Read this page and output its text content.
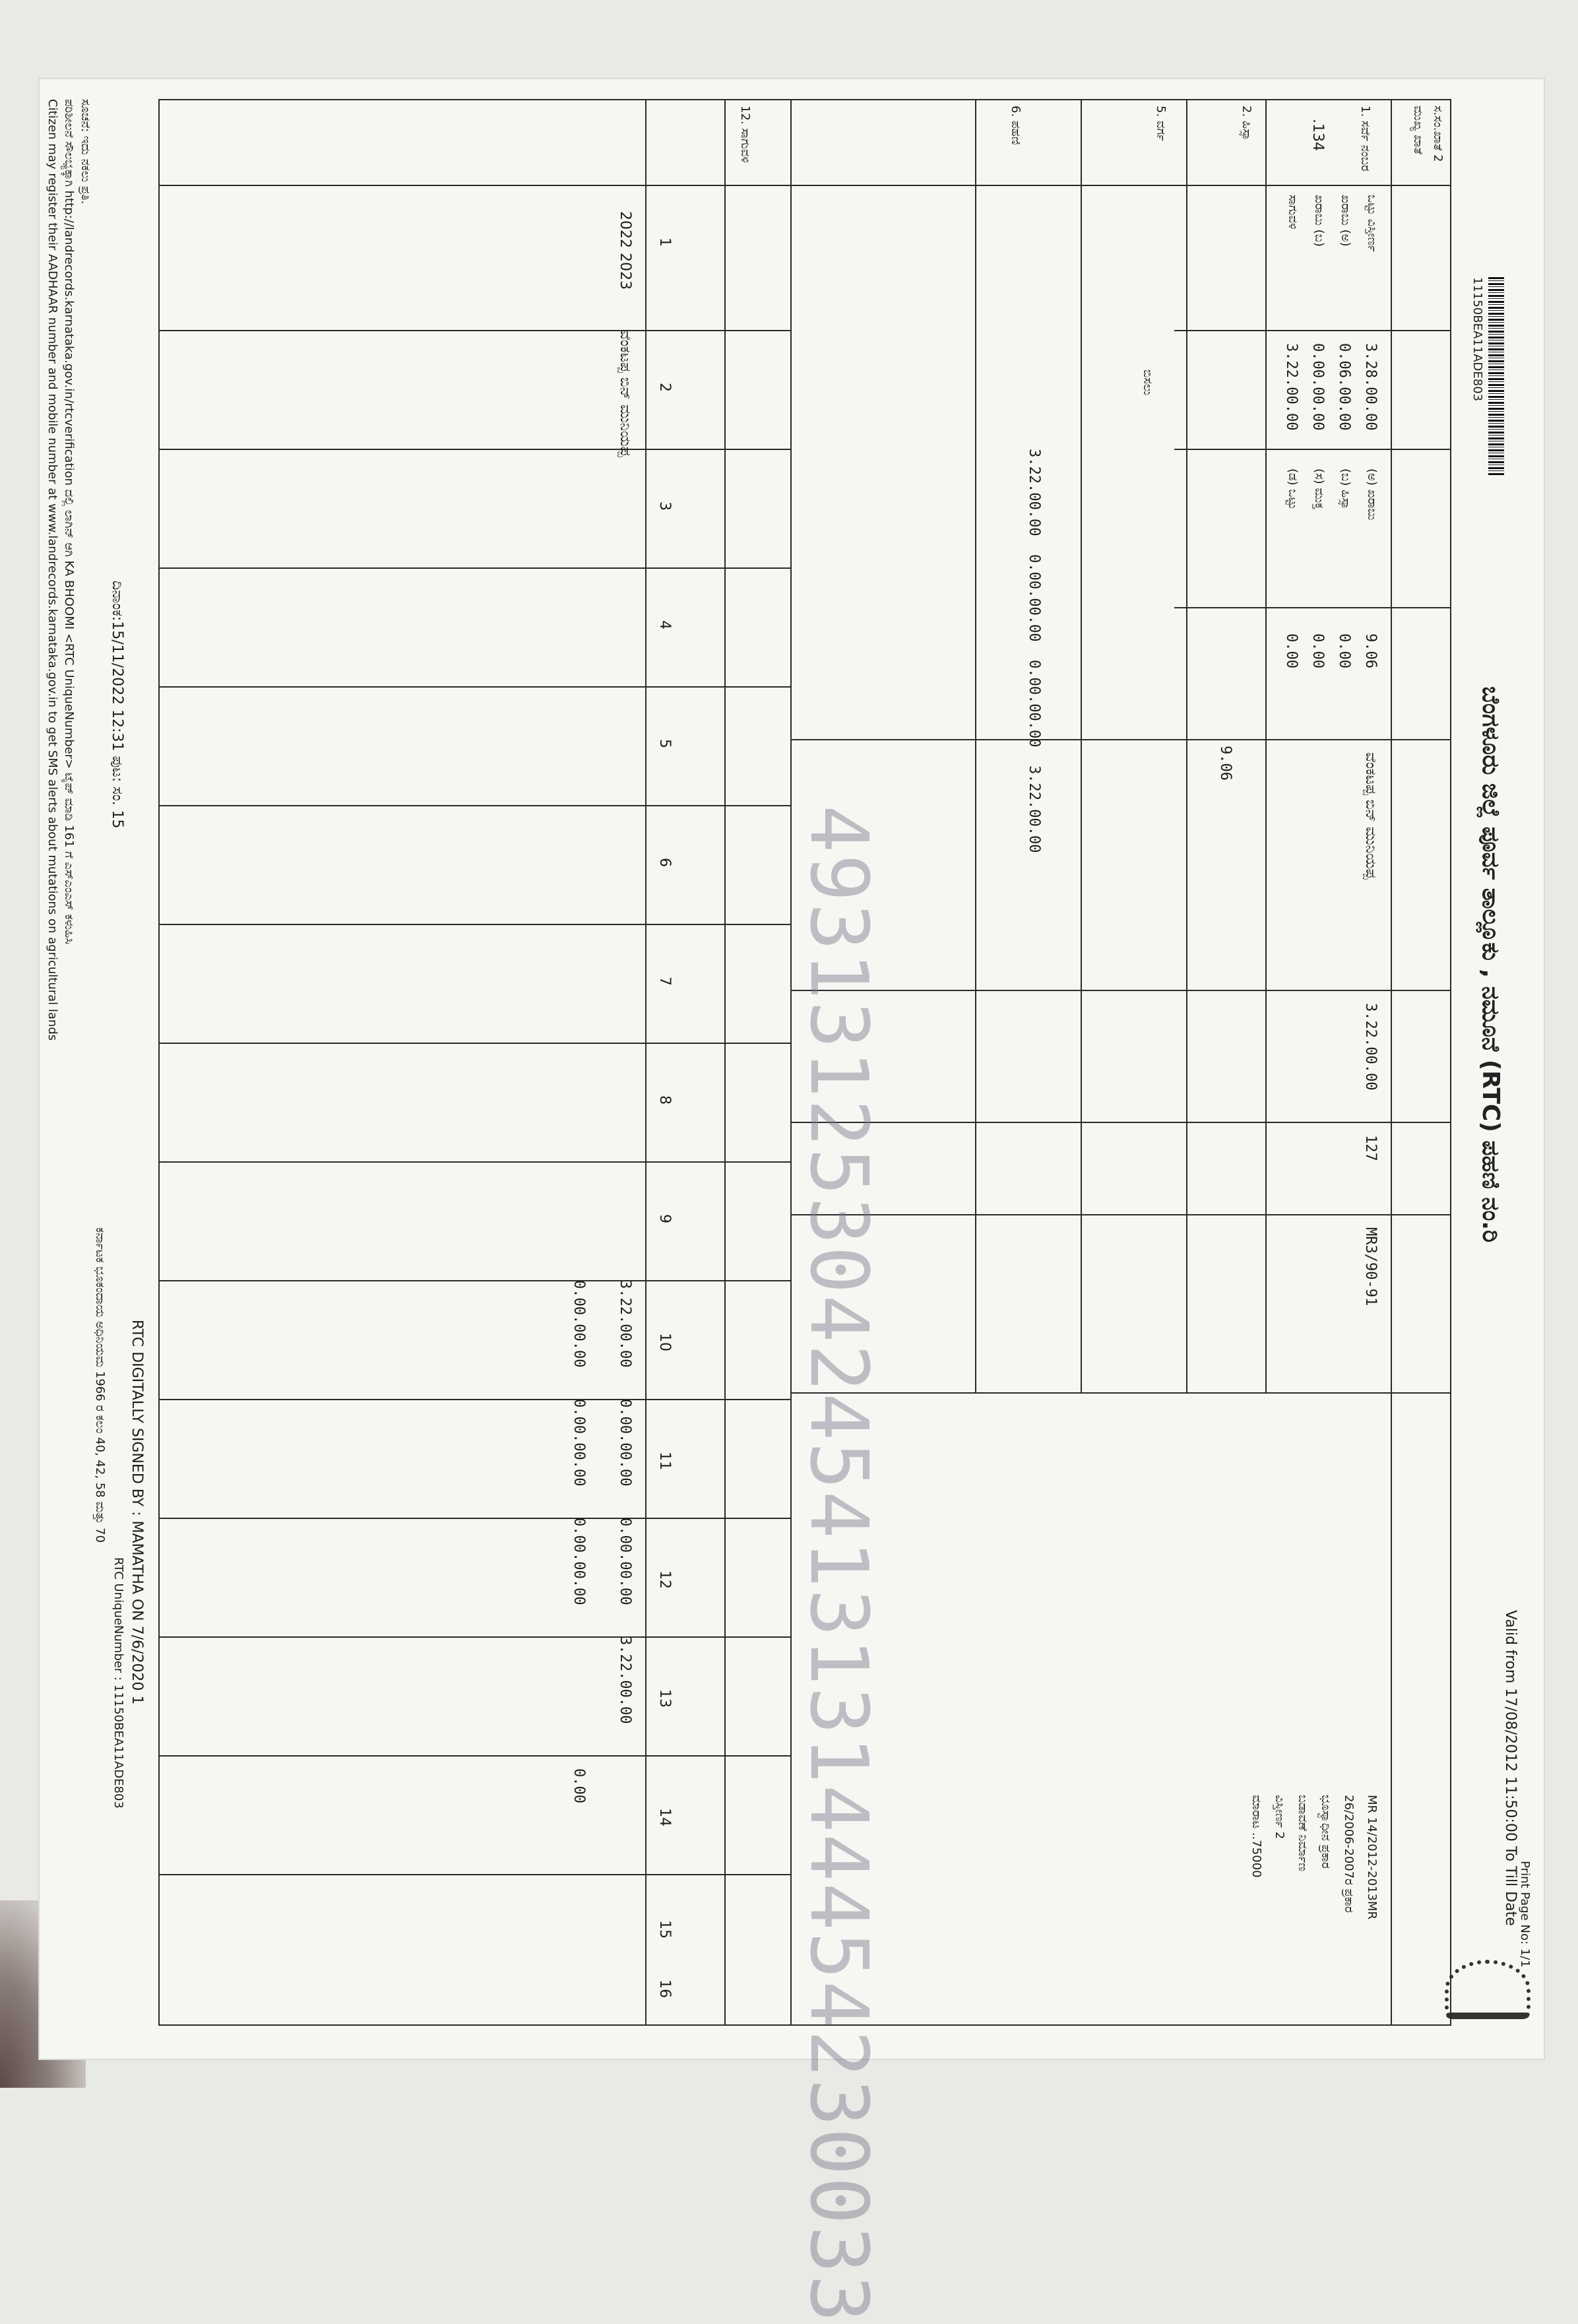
Print Page No: 1/1
Valid from 17/08/2012 11:50:00 To Till Date
ಬೆಂಗಳೂರು ಜಿಲ್ಲೆ ಪೂರ್ವ ತಾಲ್ಲೂಕು , ನಮೂನೆ (RTC) ಪಹಣಿ ನಂ.ರಿ
11150BEA11ADE803
ಸ.ಸಂ.ಖಾತೆ 2
ಮುಖ್ಯ ಖಾತೆ
1. ಸರ್ವೆ ನಂಬರ
.134
2. ಹಿಸ್ಸಾ
5. ವರ್ಗ
6. ಪಹಣಿ
12. ಸಾಗುವಳಿ
ಒಟ್ಟು ವಿಸ್ತೀರ್ಣ
3.28.00.00
(ಅ) ಖರಾಬು
9.06
ಖರಾಬು (ಅ)
0.06.00.00
(ಬ) ಹಿಸ್ಸಾ
0.00
ಖರಾಬು (ಬ)
0.00.00.00
(ಸ) ಮುಕ್ತ
0.00
ಸಾಗುವಳಿ
3.22.00.00
(ಡ) ಒಟ್ಟು
0.00
9.06
ಬಿಸಲು
3.22.00.00
0.00.00.00
0.00.00.00
3.22.00.00	ವೆಂಕಟಪ್ಪ ಬಿನ್ ಮುನಿಯಪ್ಪ
3.22.00.00
127
MR3/90-91
MR 14/2012-2013MR
26/2006-2007ರ ಪ್ರಕಾರ
ಭೂಸ್ವಾಧೀನ ಪ್ರಕಾರ
ಬಡಾವಣೆ ನಿರ್ಮಾಣ
ವಿಸ್ತೀರ್ಣ 2
ಮಾರಾಟ ..75000
1
2
3
4
5
6
7
8
9
10
11
12
13
14
15
16
2022 2023
ವೆಂಕಟಪ್ಪ ಬಿನ್ ಮುನಿಯಪ್ಪ
3.22.00.00
0.00.00.00
0.00.00.00
3.22.00.00
0.00.00.00
0.00.00.00
0.00.00.00
0.00	4931312530424541313144454230033
RTC DIGITALLY SIGNED BY : MAMATHA ON 7/6/2020 1
RTC UniqueNumber : 11150BEA11ADE803
ಕರ್ನಾಟಕ ಭೂಕಂದಾಯ ಅಧಿನಿಯಮ 1966 ರ ಕಲಂ 40, 42, 58 ಮತ್ತು 70
ದಿನಾಂಕ:15/11/2022 12:31 ಪುಟ: ಸಂ. 15
ಸೂಚನೆ: ಇದು ನಕಲು ಪ್ರತಿ.
ಪರಿಶೀಲನೆ ಸೌಲಭ್ಯಕ್ಕಾಗಿ http://landrecords.karnataka.gov.in/rtcverification ದಲ್ಲಿ ಲಾಗಿನ್ ಆಗಿ KA BHOOMI <RTC UniqueNumber> ಟೈಪ್ ಮಾಡಿ 161 ಗೆ ಎಸ್‌ಎಂಎಸ್ ಕಳುಹಿಸಿ
Citizen may register their AADHAAR number and mobile number at www.landrecords.karnataka.gov.in to get SMS alerts about mutations on agricultural lands
